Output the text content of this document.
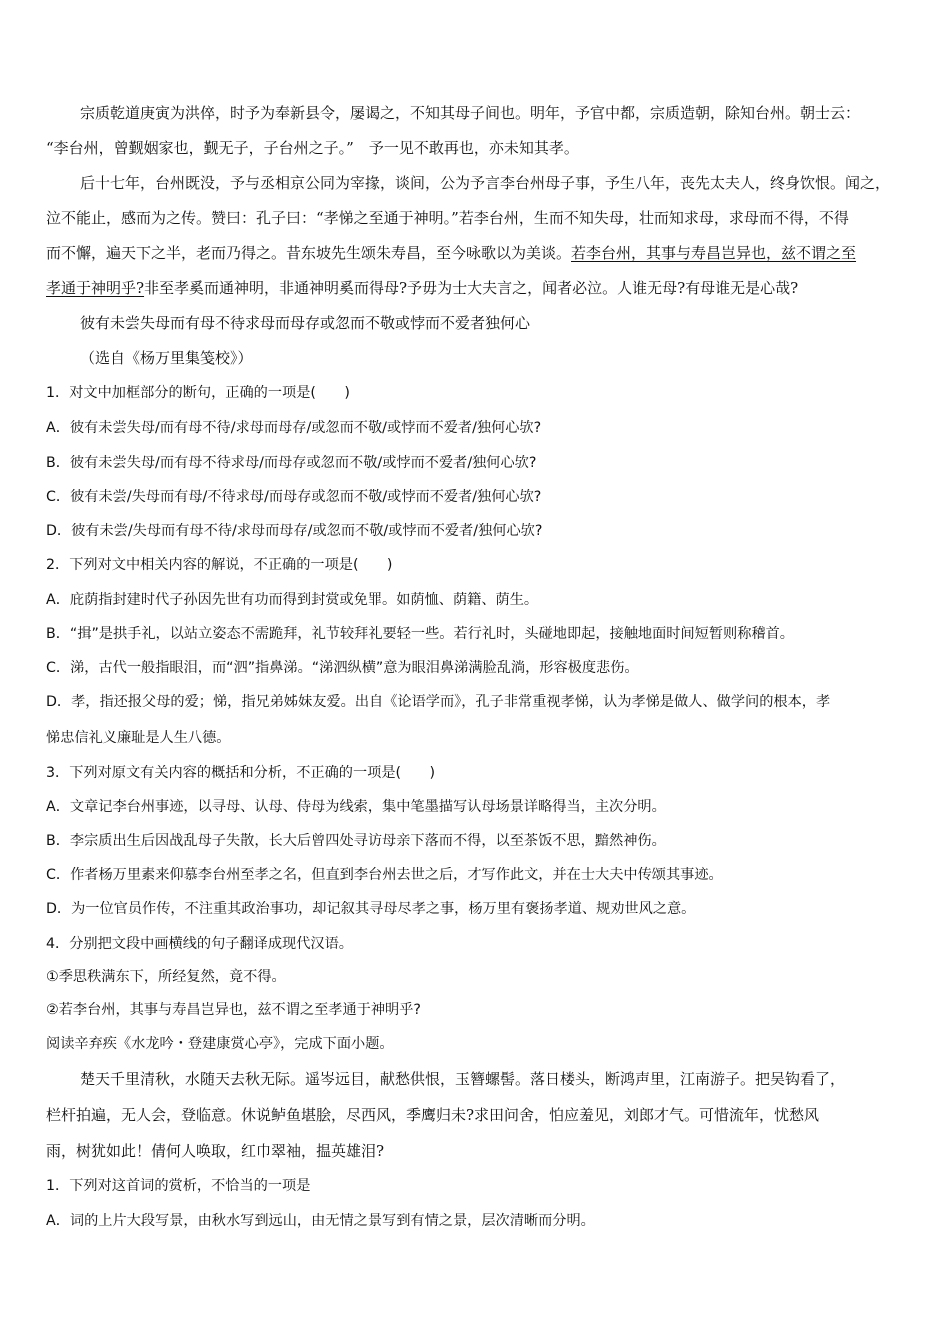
宗质乾道庚寅为洪倅，时予为奉新县令，屡谒之，不知其母子间也。明年，予官中都，宗质造朝，除知台州。朝士云：
“李台州，曾觐姻家也，觐无子，子台州之子。”　予一见不敢再也，亦未知其孝。
后十七年，台州既没，予与丞相京公同为宰掾，谈间，公为予言李台州母子事，予生八年，丧先太夫人，终身饮恨。闻之，
泣不能止，感而为之传。赞曰：孔子曰：“孝悌之至通于神明。”若李台州，生而不知失母，壮而知求母，求母而不得，不得
而不懈，遍天下之半，老而乃得之。昔东坡先生颂朱寿昌，至今咏歌以为美谈。若李台州，其事与寿昌岂异也，兹不谓之至
孝通于神明乎?非至孝奚而通神明，非通神明奚而得母?予毋为士大夫言之，闻者必泣。人谁无母?有母谁无是心哉?
彼有未尝失母而有母不待求母而母存或忽而不敬或悖而不爱者独何心
（选自《杨万里集笺校》）
1．对文中加框部分的断句，正确的一项是(　　)
A．彼有未尝失母/而有母不待/求母而母存/或忽而不敬/或悖而不爱者/独何心欤?
B．彼有未尝失母/而有母不待求母/而母存或忽而不敬/或悖而不爱者/独何心欤?
C．彼有未尝/失母而有母/不待求母/而母存或忽而不敬/或悖而不爱者/独何心欤?
D．彼有未尝/失母而有母不待/求母而母存/或忽而不敬/或悖而不爱者/独何心欤?
2．下列对文中相关内容的解说，不正确的一项是(　　)
A．庇荫指封建时代子孙因先世有功而得到封赏或免罪。如荫恤、荫籍、荫生。
B．“揖”是拱手礼，以站立姿态不需跪拜，礼节较拜礼要轻一些。若行礼时，头碰地即起，接触地面时间短暂则称稽首。
C．涕，古代一般指眼泪，而“泗”指鼻涕。“涕泗纵横”意为眼泪鼻涕满脸乱淌，形容极度悲伤。
D．孝，指还报父母的爱；悌，指兄弟姊妹友爱。出自《论语学而》，孔子非常重视孝悌，认为孝悌是做人、做学问的根本，孝
悌忠信礼义廉耻是人生八德。
3．下列对原文有关内容的概括和分析，不正确的一项是(　　)
A．文章记李台州事迹，以寻母、认母、侍母为线索，集中笔墨描写认母场景详略得当，主次分明。
B．李宗质出生后因战乱母子失散，长大后曾四处寻访母亲下落而不得，以至茶饭不思，黯然神伤。
C．作者杨万里素来仰慕李台州至孝之名，但直到李台州去世之后，才写作此文，并在士大夫中传颂其事迹。
D．为一位官员作传，不注重其政治事功，却记叙其寻母尽孝之事，杨万里有褒扬孝道、规劝世风之意。
4．分别把文段中画横线的句子翻译成现代汉语。
①季思秩满东下，所经复然，竟不得。
②若李台州，其事与寿昌岂异也，兹不谓之至孝通于神明乎?
阅读辛弃疾《水龙吟・登建康赏心亭》，完成下面小题。
楚天千里清秋，水随天去秋无际。遥岑远目，献愁供恨，玉簪螺髻。落日楼头，断鸿声里，江南游子。把吴钩看了，
栏杆拍遍，无人会，登临意。休说鲈鱼堪脍，尽西风，季鹰归未?求田问舍，怕应羞见，刘郎才气。可惜流年，忧愁风
雨，树犹如此！倩何人唤取，红巾翠袖，揾英雄泪?
1．下列对这首词的赏析，不恰当的一项是
A．词的上片大段写景，由秋水写到远山，由无情之景写到有情之景，层次清晰而分明。
